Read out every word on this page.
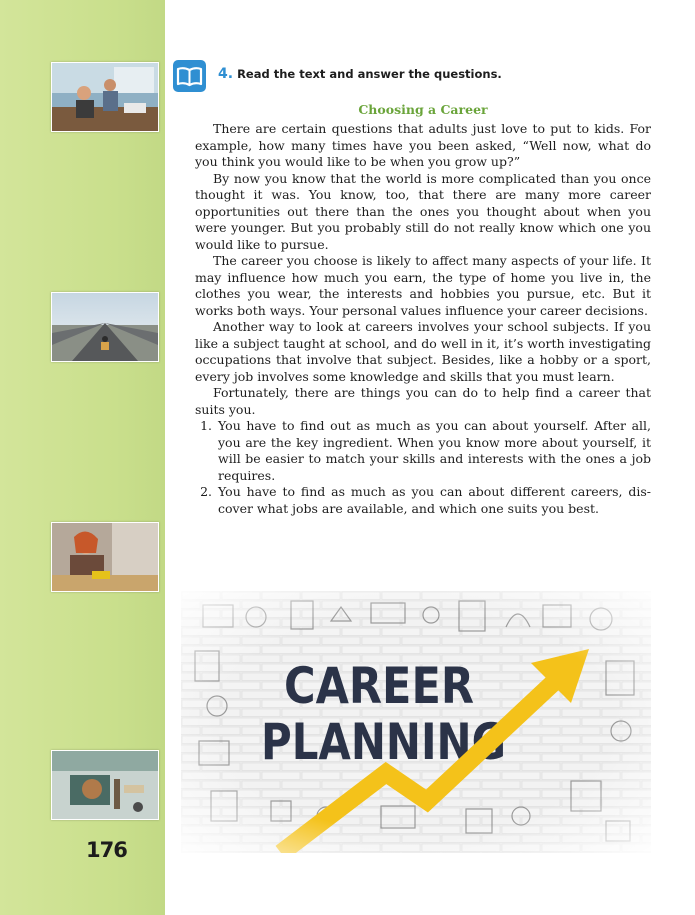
176
4. Read the text and answer the questions.
Choosing a Career

There are certain questions that adults just love to put to kids. For example, how many times have you been asked, “Well now, what do you think you would like to be when you grow up?”

By now you know that the world is more complicated than you once thought it was. You know, too, that there are many more career opportunities out there than the ones you thought about when you were younger. But you probably still do not really know which one you would like to pursue.

The career you choose is likely to affect many aspects of your life. It may influence how much you earn, the type of home you live in, the clothes you wear, the interests and hobbies you pursue, etc. But it works both ways. Your personal values influence your career decisions.

Another way to look at careers involves your school subjects. If you like a subject taught at school, and do well in it, it’s worth investigating occupations that involve that subject. Besides, like a hobby or a sport, every job involves some knowledge and skills that you must learn.

Fortunately, there are things you can do to help find a career that suits you.

1. You have to find out as much as you can about yourself. After all, you are the key ingredient. When you know more about yourself, it will be easier to match your skills and interests with the ones a job requires.
2. You have to find as much as you can about different careers, discover what jobs are available, and which one suits you best.
